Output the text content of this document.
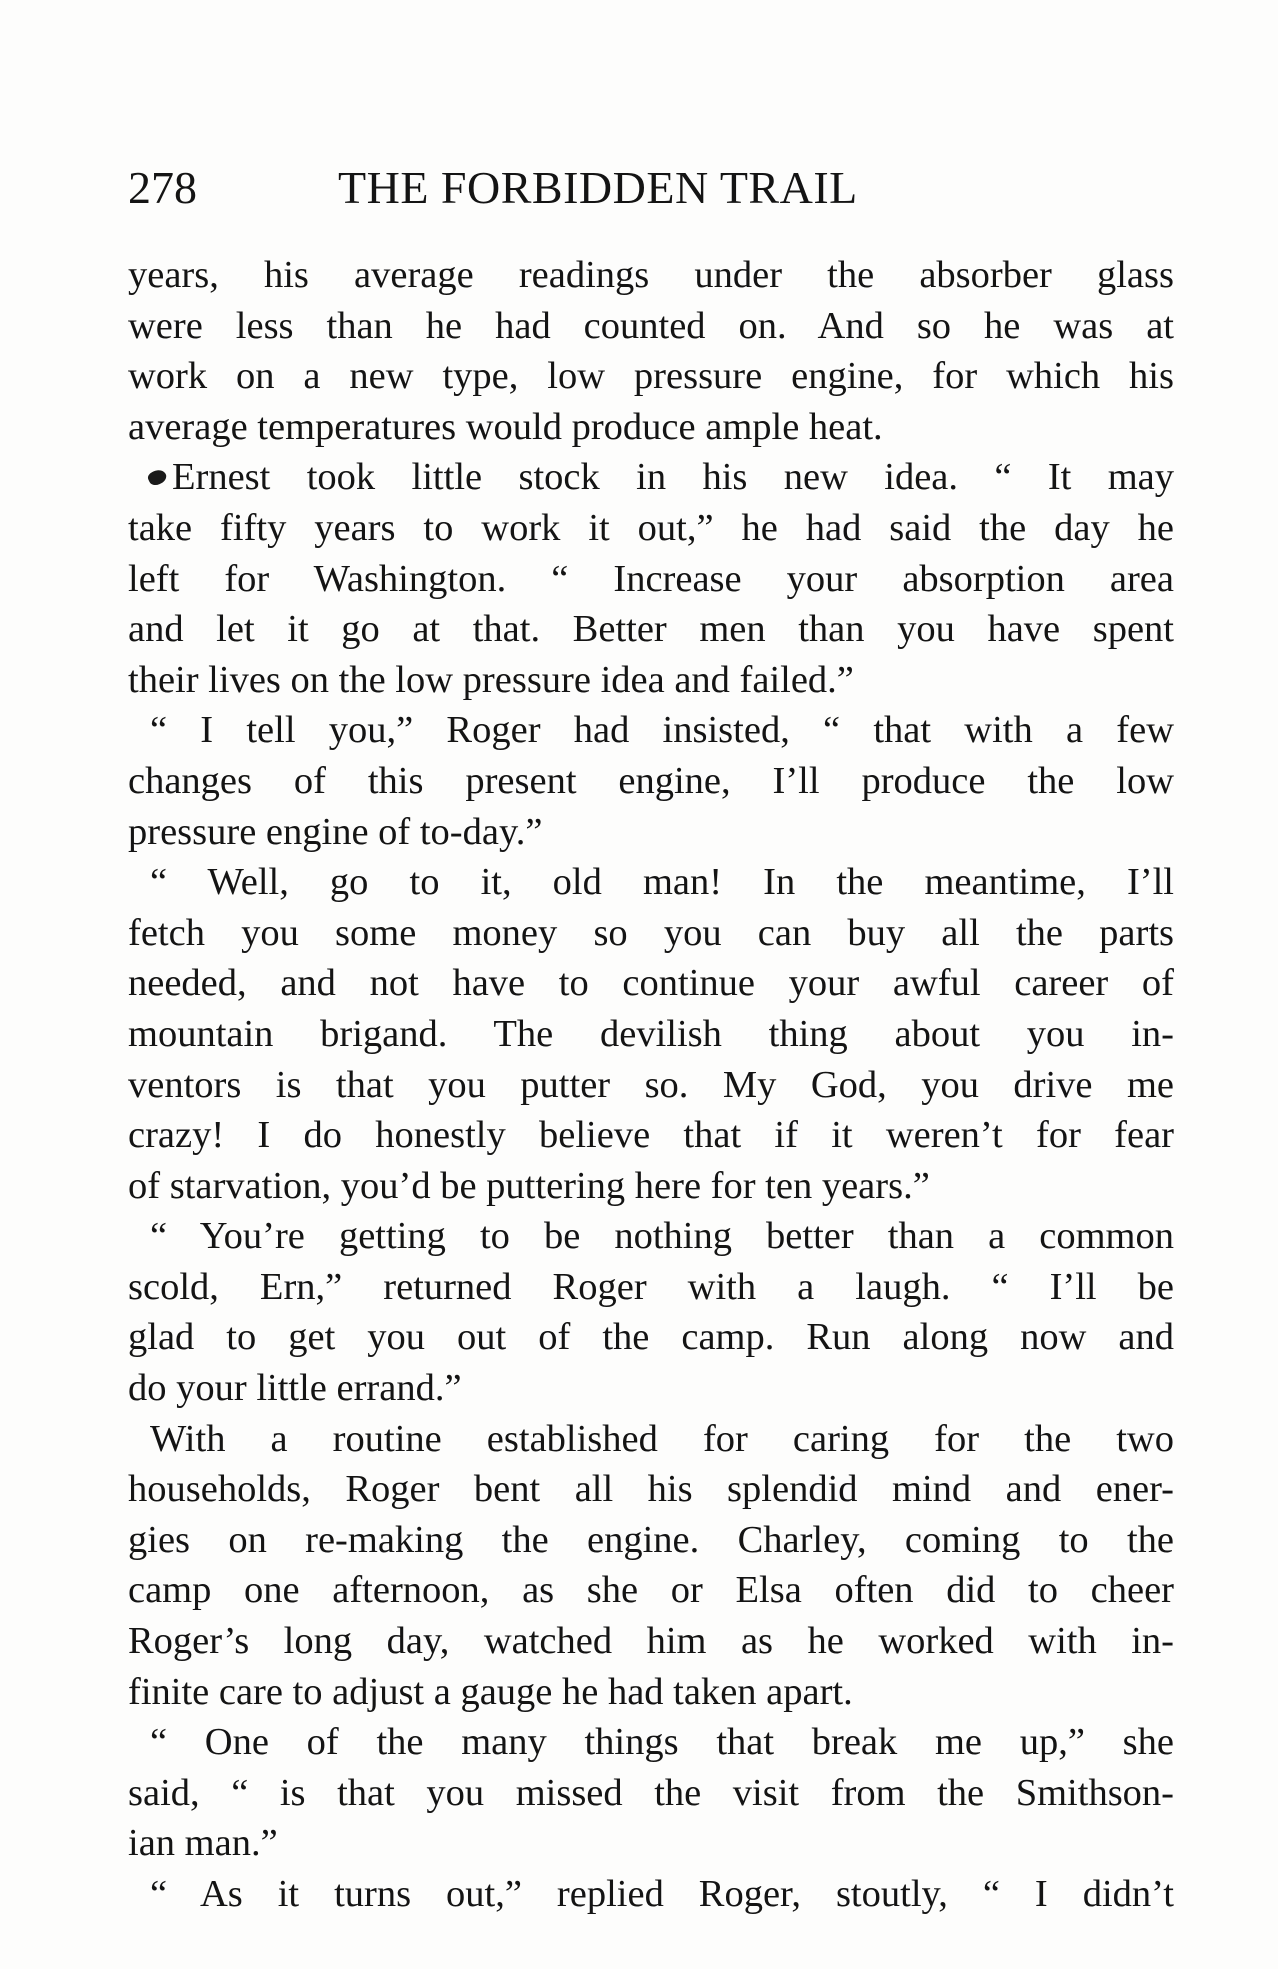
278	THE FORBIDDEN TRAIL
years, his average readings under the absorber glass
were less than he had counted on. And so he was at
work on a new type, low pressure engine, for which his
average temperatures would produce ample heat.
Ernest took little stock in his new idea. “ It may
take fifty years to work it out,” he had said the day he
left for Washington. “ Increase your absorption area
and let it go at that. Better men than you have spent
their lives on the low pressure idea and failed.”
“ I tell you,” Roger had insisted, “ that with a few
changes of this present engine, I’ll produce the low
pressure engine of to-day.”
“ Well, go to it, old man! In the meantime, I’ll
fetch you some money so you can buy all the parts
needed, and not have to continue your awful career of
mountain brigand. The devilish thing about you in-
ventors is that you putter so. My God, you drive me
crazy! I do honestly believe that if it weren’t for fear
of starvation, you’d be puttering here for ten years.”
“ You’re getting to be nothing better than a common
scold, Ern,” returned Roger with a laugh. “ I’ll be
glad to get you out of the camp. Run along now and
do your little errand.”
With a routine established for caring for the two
households, Roger bent all his splendid mind and ener-
gies on re-making the engine. Charley, coming to the
camp one afternoon, as she or Elsa often did to cheer
Roger’s long day, watched him as he worked with in-
finite care to adjust a gauge he had taken apart.
“ One of the many things that break me up,” she
said, “ is that you missed the visit from the Smithson-
ian man.”
“ As it turns out,” replied Roger, stoutly, “ I didn’t
